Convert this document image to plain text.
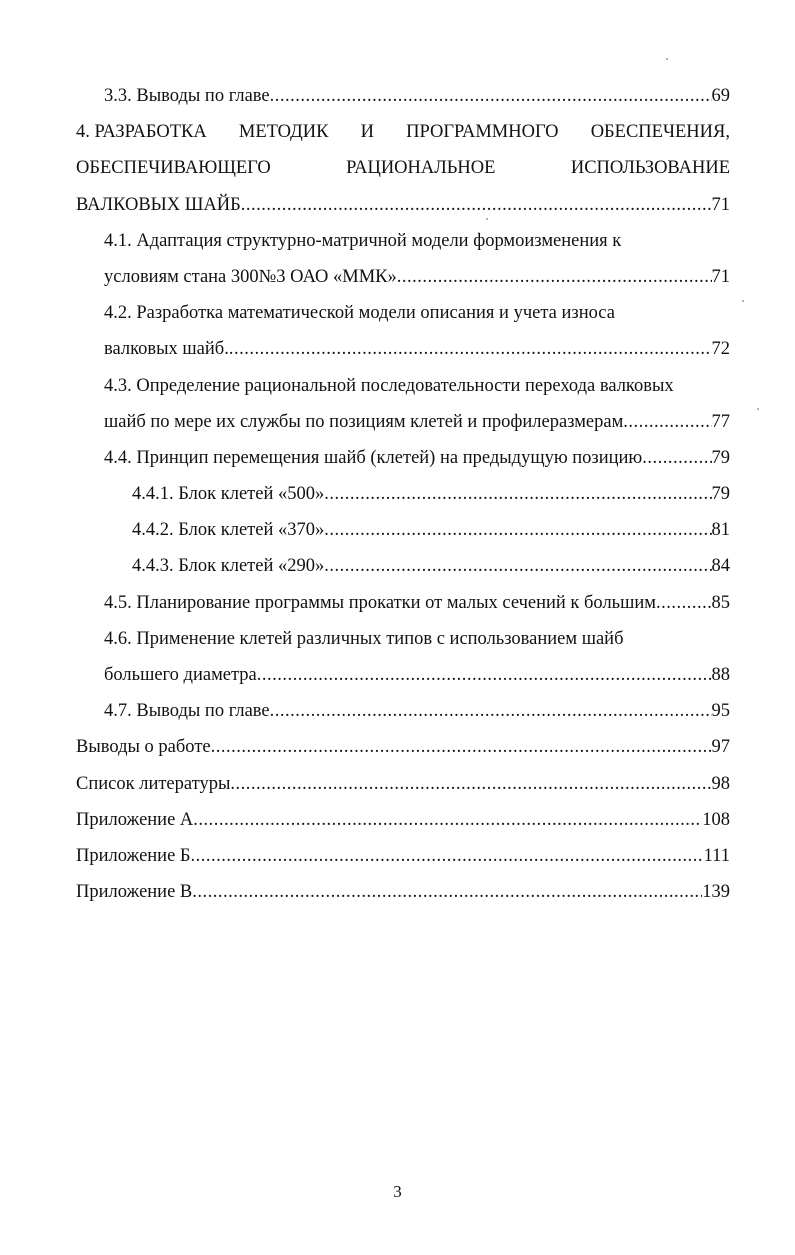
3.3. Выводы по главе .....	69
4. РАЗРАБОТКА МЕТОДИК И ПРОГРАММНОГО ОБЕСПЕЧЕНИЯ,
ОБЕСПЕЧИВАЮЩЕГО	РАЦИОНАЛЬНОЕ	ИСПОЛЬЗОВАНИЕ
ВАЛКОВЫХ ШАЙБ .....	71
4.1. Адаптация структурно-матричной модели формоизменения к
условиям стана 300№3 ОАО «ММК» .....	71
4.2. Разработка математической модели описания и учета износа
валковых шайб. .....	72
4.3. Определение рациональной последовательности перехода валковых
шайб по мере их службы по позициям клетей и профилеразмерам .....	77
4.4. Принцип перемещения шайб (клетей) на предыдущую позицию .....	79
4.4.1. Блок клетей «500» .....	79
4.4.2. Блок клетей «370» .....	81
4.4.3. Блок клетей «290» .....	84
4.5. Планирование программы прокатки от малых сечений к большим .....	85
4.6. Применение клетей различных типов с использованием шайб
большего диаметра .....	88
4.7. Выводы по главе .....	95
Выводы о работе .....	97
Список литературы .....	98
Приложение А .....	108
Приложение Б .....	111
Приложение В .....	139
3
